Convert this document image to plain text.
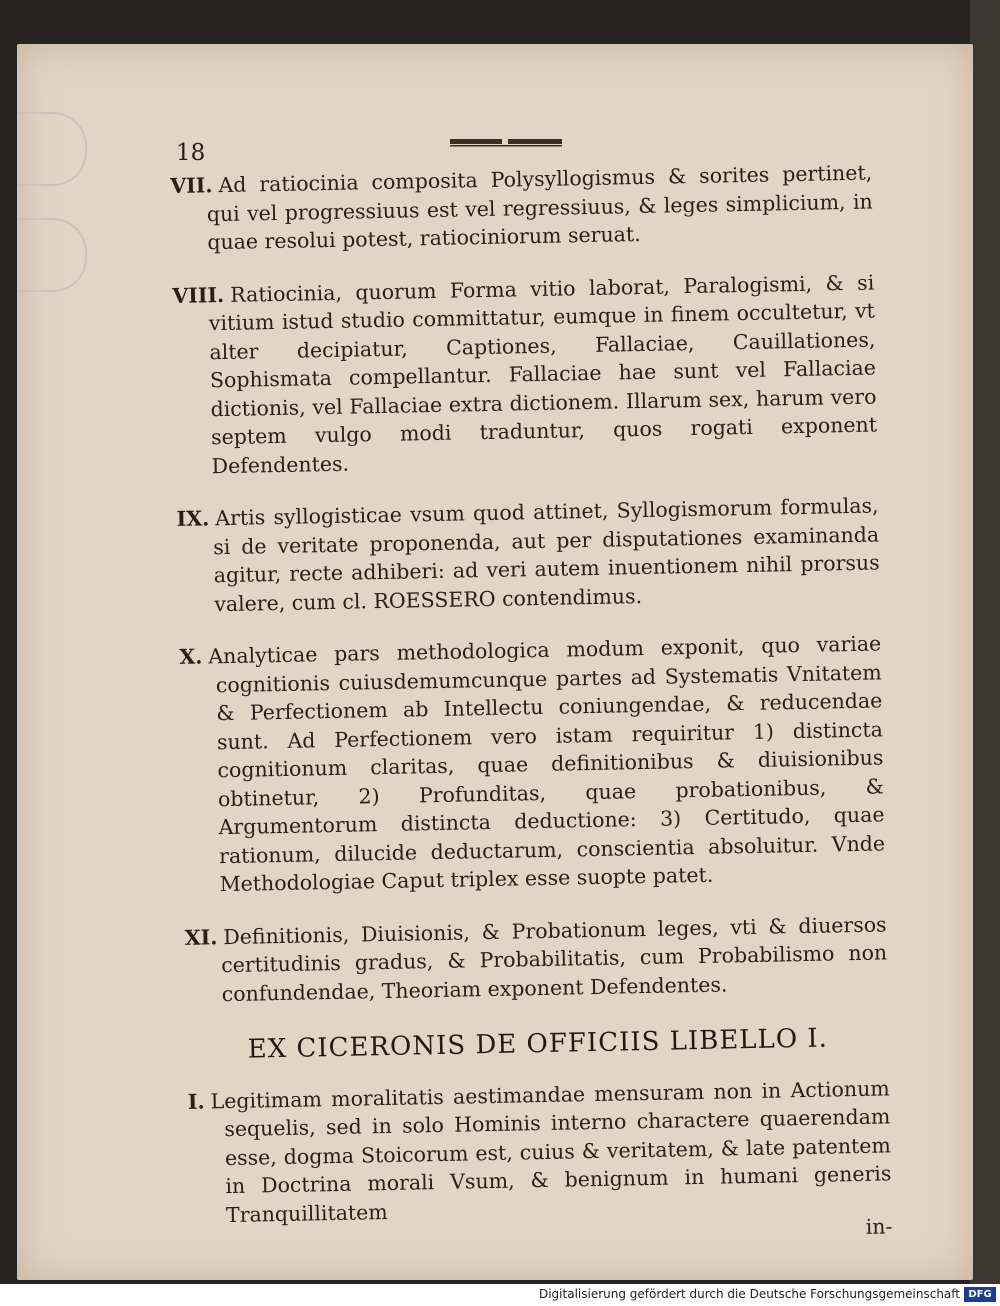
18

VII. Ad ratiocinia composita Polysyllogismus & sorites pertinet, qui vel progressiuus est vel regressiuus, & leges simplicium, in quae resolui potest, ratiociniorum seruat.

VIII. Ratiocinia, quorum Forma vitio laborat, Paralogismi, & si vitium istud studio committatur, eumque in finem occultetur, vt alter decipiatur, Captiones, Fallaciae, Cauillationes, Sophismata compellantur. Fallaciae hae sunt vel Fallaciae dictionis, vel Fallaciae extra dictionem. Illarum sex, harum vero septem vulgo modi traduntur, quos rogati exponent Defendentes.

IX. Artis syllogisticae vsum quod attinet, Syllogismorum formulas, si de veritate proponenda, aut per disputationes examinanda agitur, recte adhiberi: ad veri autem inuentionem nihil prorsus valere, cum cl. ROESSERO contendimus.

X. Analyticae pars methodologica modum exponit, quo variae cognitionis cuiusdemumcunque partes ad Systematis Vnitatem & Perfectionem ab Intellectu coniungendae, & reducendae sunt. Ad Perfectionem vero istam requiritur 1) distincta cognitionum claritas, quae definitionibus & diuisionibus obtinetur, 2) Profunditas, quae probationibus, & Argumentorum distincta deductione: 3) Certitudo, quae rationum, dilucide deductarum, conscientia absoluitur. Vnde Methodologiae Caput triplex esse suopte patet.

XI. Definitionis, Diuisionis, & Probationum leges, vti & diuersos certitudinis gradus, & Probabilitatis, cum Probabilismo non confundendae, Theoriam exponent Defendentes.

EX CICERONIS DE OFFICIIS LIBELLO I.

I. Legitimam moralitatis aestimandae mensuram non in Actionum sequelis, sed in solo Hominis interno charactere quaerendam esse, dogma Stoicorum est, cuius & veritatem, & late patentem in Doctrina morali Vsum, & benignum in humani generis Tranquillitatem	in-
Digitalisierung gefördert durch die Deutsche Forschungsgemeinschaft DFG
